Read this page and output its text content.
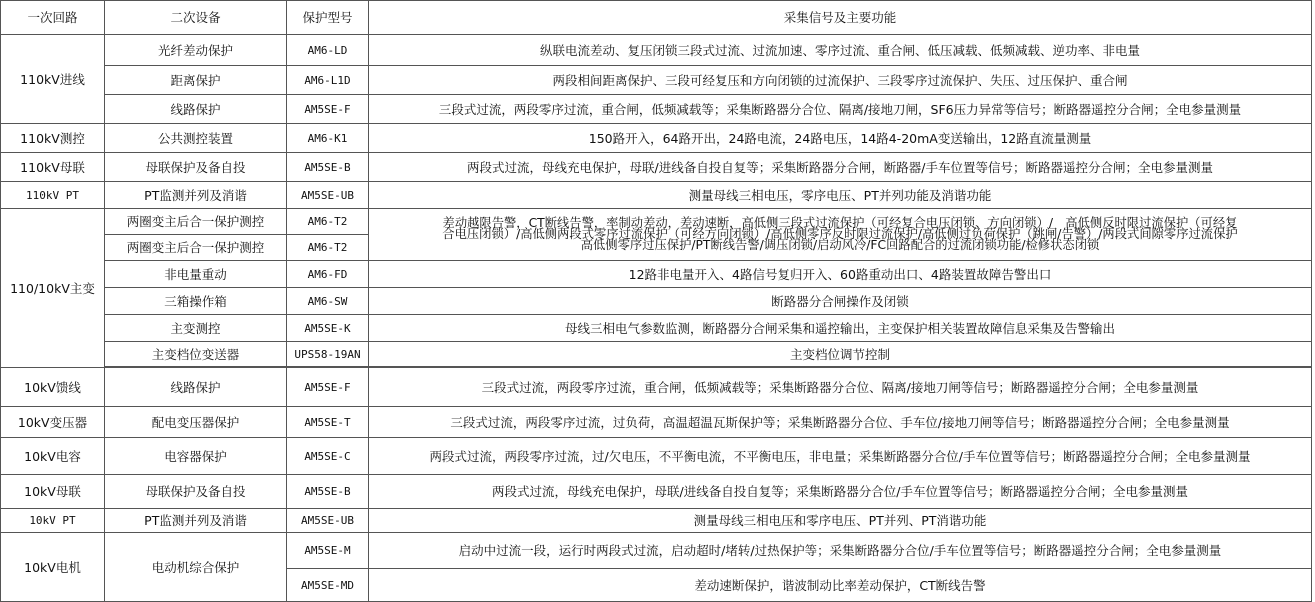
一次回路	二次设备	保护型号	采集信号及主要功能
110kV进线	光纤差动保护	AM6-LD	纵联电流差动、复压闭锁三段式过流、过流加速、零序过流、重合闸、低压减载、低频减载、逆功率、非电量
	距离保护	AM6-L1D	两段相间距离保护、三段可经复压和方向闭锁的过流保护、三段零序过流保护、失压、过压保护、重合闸
	线路保护	AM5SE-F	三段式过流，两段零序过流，重合闸，低频减载等；采集断路器分合位、隔离/接地刀闸，SF6压力异常等信号；断路器遥控分合闸；全电参量测量
110kV测控	公共测控装置	AM6-K1	150路开入，64路开出，24路电流，24路电压，14路4-20mA变送输出，12路直流量测量
110kV母联	母联保护及备自投	AM5SE-B	两段式过流，母线充电保护，母联/进线备自投自复等；采集断路器分合闸，断路器/手车位置等信号；断路器遥控分合闸；全电参量测量
110kV PT	PT监测并列及消谐	AM5SE-UB	测量母线三相电压，零序电压、PT并列功能及消谐功能
110/10kV主变	两圈变主后合一保护测控	AM6-T2	差动越限告警，CT断线告警，率制动差动，差动速断，高低侧三段式过流保护（可经复合电压闭锁、方向闭锁）/　高低侧反时限过流保护（可经复
合电压闭锁）/高低侧两段式零序过流保护（可经方向闭锁）/高低侧零序反时限过流保护/高低侧过负荷保护（跳闸/告警）/两段式间隙零序过流保护
高低侧零序过压保护/PT断线告警/调压闭锁/启动风冷/FC回路配合的过流闭锁功能/检修状态闭锁

	两圈变主后合一保护测控	AM6-T2	
	非电量重动	AM6-FD	12路非电量开入、4路信号复归开入、60路重动出口、4路装置故障告警出口
	三箱操作箱	AM6-SW	断路器分合闸操作及闭锁
	主变测控	AM5SE-K	母线三相电气参数监测，断路器分合闸采集和遥控输出，主变保护相关装置故障信息采集及告警输出
	主变档位变送器	UPS58-19AN	主变档位调节控制

10kV馈线	线路保护	AM5SE-F	三段式过流，两段零序过流，重合闸，低频减载等；采集断路器分合位、隔离/接地刀闸等信号；断路器遥控分合闸；全电参量测量
10kV变压器	配电变压器保护	AM5SE-T	三段式过流，两段零序过流，过负荷，高温超温瓦斯保护等；采集断路器分合位、手车位/接地刀闸等信号；断路器遥控分合闸；全电参量测量
10kV电容	电容器保护	AM5SE-C	两段式过流，两段零序过流，过/欠电压，不平衡电流，不平衡电压，非电量；采集断路器分合位/手车位置等信号；断路器遥控分合闸；全电参量测量
10kV母联	母联保护及备自投	AM5SE-B	两段式过流，母线充电保护，母联/进线备自投自复等；采集断路器分合位/手车位置等信号；断路器遥控分合闸；全电参量测量
10kV PT	PT监测并列及消谐	AM5SE-UB	测量母线三相电压和零序电压、PT并列、PT消谐功能
10kV电机	电动机综合保护	AM5SE-M	启动中过流一段，运行时两段式过流，启动超时/堵转/过热保护等；采集断路器分合位/手车位置等信号；断路器遥控分合闸；全电参量测量
		AM5SE-MD	差动速断保护，谐波制动比率差动保护，CT断线告警
